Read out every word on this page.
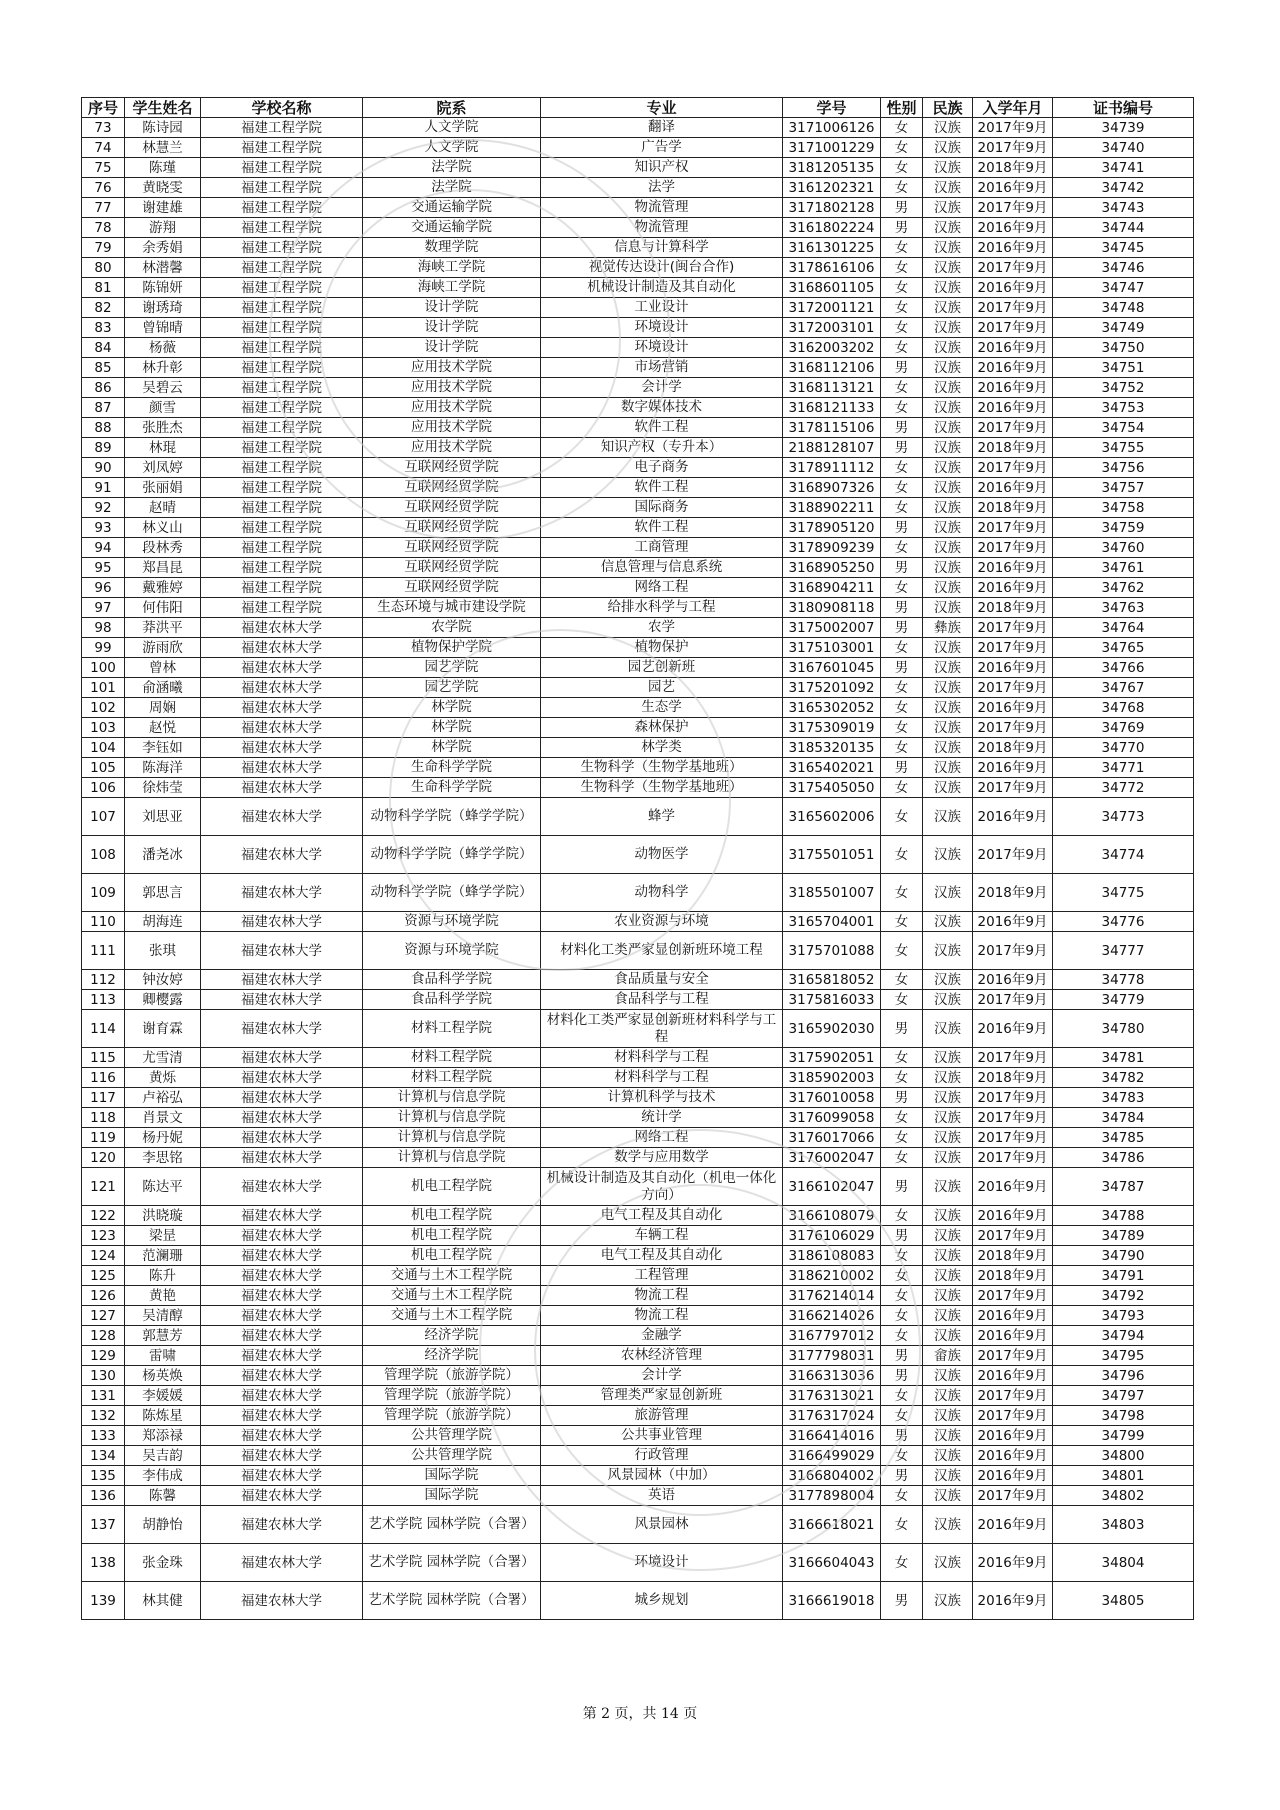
序号	学生姓名	学校名称	院系	专业	学号	性别	民族	入学年月	证书编号
73	陈诗园	福建工程学院	人文学院	翻译	3171006126	女	汉族	2017年9月	34739
74	林慧兰	福建工程学院	人文学院	广告学	3171001229	女	汉族	2017年9月	34740
75	陈瑾	福建工程学院	法学院	知识产权	3181205135	女	汉族	2018年9月	34741
76	黄晓雯	福建工程学院	法学院	法学	3161202321	女	汉族	2016年9月	34742
77	谢建雄	福建工程学院	交通运输学院	物流管理	3171802128	男	汉族	2017年9月	34743
78	游翔	福建工程学院	交通运输学院	物流管理	3161802224	男	汉族	2016年9月	34744
79	余秀娟	福建工程学院	数理学院	信息与计算科学	3161301225	女	汉族	2016年9月	34745
80	林潜馨	福建工程学院	海峡工学院	视觉传达设计(闽台合作)	3178616106	女	汉族	2017年9月	34746
81	陈锦妍	福建工程学院	海峡工学院	机械设计制造及其自动化	3168601105	女	汉族	2016年9月	34747
82	谢琇琦	福建工程学院	设计学院	工业设计	3172001121	女	汉族	2017年9月	34748
83	曾锦晴	福建工程学院	设计学院	环境设计	3172003101	女	汉族	2017年9月	34749
84	杨薇	福建工程学院	设计学院	环境设计	3162003202	女	汉族	2016年9月	34750
85	林升彰	福建工程学院	应用技术学院	市场营销	3168112106	男	汉族	2016年9月	34751
86	吴碧云	福建工程学院	应用技术学院	会计学	3168113121	女	汉族	2016年9月	34752
87	颜雪	福建工程学院	应用技术学院	数字媒体技术	3168121133	女	汉族	2016年9月	34753
88	张胜杰	福建工程学院	应用技术学院	软件工程	3178115106	男	汉族	2017年9月	34754
89	林琨	福建工程学院	应用技术学院	知识产权（专升本）	2188128107	男	汉族	2018年9月	34755
90	刘凤婷	福建工程学院	互联网经贸学院	电子商务	3178911112	女	汉族	2017年9月	34756
91	张丽娟	福建工程学院	互联网经贸学院	软件工程	3168907326	女	汉族	2016年9月	34757
92	赵晴	福建工程学院	互联网经贸学院	国际商务	3188902211	女	汉族	2018年9月	34758
93	林义山	福建工程学院	互联网经贸学院	软件工程	3178905120	男	汉族	2017年9月	34759
94	段林秀	福建工程学院	互联网经贸学院	工商管理	3178909239	女	汉族	2017年9月	34760
95	郑昌昆	福建工程学院	互联网经贸学院	信息管理与信息系统	3168905250	男	汉族	2016年9月	34761
96	戴雅婷	福建工程学院	互联网经贸学院	网络工程	3168904211	女	汉族	2016年9月	34762
97	何伟阳	福建工程学院	生态环境与城市建设学院	给排水科学与工程	3180908118	男	汉族	2018年9月	34763
98	莽洪平	福建农林大学	农学院	农学	3175002007	男	彝族	2017年9月	34764
99	游雨欣	福建农林大学	植物保护学院	植物保护	3175103001	女	汉族	2017年9月	34765
100	曾林	福建农林大学	园艺学院	园艺创新班	3167601045	男	汉族	2016年9月	34766
101	俞涵曦	福建农林大学	园艺学院	园艺	3175201092	女	汉族	2017年9月	34767
102	周娴	福建农林大学	林学院	生态学	3165302052	女	汉族	2016年9月	34768
103	赵悦	福建农林大学	林学院	森林保护	3175309019	女	汉族	2017年9月	34769
104	李钰如	福建农林大学	林学院	林学类	3185320135	女	汉族	2018年9月	34770
105	陈海洋	福建农林大学	生命科学学院	生物科学（生物学基地班）	3165402021	男	汉族	2016年9月	34771
106	徐炜莹	福建农林大学	生命科学学院	生物科学（生物学基地班）	3175405050	女	汉族	2017年9月	34772
107	刘思亚	福建农林大学	动物科学学院（蜂学学院）	蜂学	3165602006	女	汉族	2016年9月	34773
108	潘尧冰	福建农林大学	动物科学学院（蜂学学院）	动物医学	3175501051	女	汉族	2017年9月	34774
109	郭思言	福建农林大学	动物科学学院（蜂学学院）	动物科学	3185501007	女	汉族	2018年9月	34775
110	胡海连	福建农林大学	资源与环境学院	农业资源与环境	3165704001	女	汉族	2016年9月	34776
111	张琪	福建农林大学	资源与环境学院	材料化工类严家显创新班环境工程	3175701088	女	汉族	2017年9月	34777
112	钟汝婷	福建农林大学	食品科学学院	食品质量与安全	3165818052	女	汉族	2016年9月	34778
113	卿樱露	福建农林大学	食品科学学院	食品科学与工程	3175816033	女	汉族	2017年9月	34779
114	谢育霖	福建农林大学	材料工程学院	材料化工类严家显创新班材料科学与工程	3165902030	男	汉族	2016年9月	34780
115	尤雪清	福建农林大学	材料工程学院	材料科学与工程	3175902051	女	汉族	2017年9月	34781
116	黄烁	福建农林大学	材料工程学院	材料科学与工程	3185902003	女	汉族	2018年9月	34782
117	卢裕弘	福建农林大学	计算机与信息学院	计算机科学与技术	3176010058	男	汉族	2017年9月	34783
118	肖景文	福建农林大学	计算机与信息学院	统计学	3176099058	女	汉族	2017年9月	34784
119	杨丹妮	福建农林大学	计算机与信息学院	网络工程	3176017066	女	汉族	2017年9月	34785
120	李思铭	福建农林大学	计算机与信息学院	数学与应用数学	3176002047	女	汉族	2017年9月	34786
121	陈达平	福建农林大学	机电工程学院	机械设计制造及其自动化（机电一体化方向）	3166102047	男	汉族	2016年9月	34787
122	洪晓璇	福建农林大学	机电工程学院	电气工程及其自动化	3166108079	女	汉族	2016年9月	34788
123	梁昰	福建农林大学	机电工程学院	车辆工程	3176106029	男	汉族	2017年9月	34789
124	范澜珊	福建农林大学	机电工程学院	电气工程及其自动化	3186108083	女	汉族	2018年9月	34790
125	陈升	福建农林大学	交通与土木工程学院	工程管理	3186210002	女	汉族	2018年9月	34791
126	黄艳	福建农林大学	交通与土木工程学院	物流工程	3176214014	女	汉族	2017年9月	34792
127	吴清醇	福建农林大学	交通与土木工程学院	物流工程	3166214026	女	汉族	2016年9月	34793
128	郭慧芳	福建农林大学	经济学院	金融学	3167797012	女	汉族	2016年9月	34794
129	雷啸	福建农林大学	经济学院	农林经济管理	3177798031	男	畲族	2017年9月	34795
130	杨英焕	福建农林大学	管理学院（旅游学院）	会计学	3166313036	男	汉族	2016年9月	34796
131	李媛媛	福建农林大学	管理学院（旅游学院）	管理类严家显创新班	3176313021	女	汉族	2017年9月	34797
132	陈炼星	福建农林大学	管理学院（旅游学院）	旅游管理	3176317024	女	汉族	2017年9月	34798
133	郑添禄	福建农林大学	公共管理学院	公共事业管理	3166414016	男	汉族	2016年9月	34799
134	吴吉韵	福建农林大学	公共管理学院	行政管理	3166499029	女	汉族	2016年9月	34800
135	李伟成	福建农林大学	国际学院	风景园林（中加）	3166804002	男	汉族	2016年9月	34801
136	陈馨	福建农林大学	国际学院	英语	3177898004	女	汉族	2017年9月	34802
137	胡静怡	福建农林大学	艺术学院 园林学院（合署）	风景园林	3166618021	女	汉族	2016年9月	34803
138	张金珠	福建农林大学	艺术学院 园林学院（合署）	环境设计	3166604043	女	汉族	2016年9月	34804
139	林其健	福建农林大学	艺术学院 园林学院（合署）	城乡规划	3166619018	男	汉族	2016年9月	34805
第 2 页，共 14 页
